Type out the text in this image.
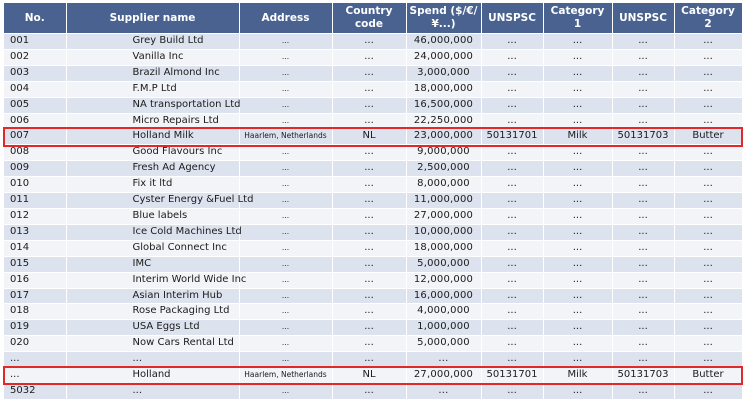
No.	Supplier name	Address	Country code	Spend ($/€/¥...)	UNSPSC	Category 1	UNSPSC	Category 2
001	Grey Build Ltd	...	...	46,000,000	...	...	...	...
002	Vanilla Inc	...	...	24,000,000	...	...	...	...
003	Brazil Almond Inc	...	...	3,000,000	...	...	...	...
004	F.M.P Ltd	...	...	18,000,000	...	...	...	...
005	NA transportation Ltd	...	...	16,500,000	...	...	...	...
006	Micro Repairs Ltd	...	...	22,250,000	...	...	...	...
007	Holland Milk	Haarlem, Netherlands	NL	23,000,000	50131701	Milk	50131703	Butter
008	Good Flavours Inc	...	...	9,000,000	...	...	...	...
009	Fresh Ad Agency	...	...	2,500,000	...	...	...	...
010	Fix it ltd	...	...	8,000,000	...	...	...	...
011	Cyster Energy &Fuel Ltd	...	...	11,000,000	...	...	...	...
012	Blue labels	...	...	27,000,000	...	...	...	...
013	Ice Cold Machines Ltd	...	...	10,000,000	...	...	...	...
014	Global Connect Inc	...	...	18,000,000	...	...	...	...
015	IMC	...	...	5,000,000	...	...	...	...
016	Interim World Wide Inc	...	...	12,000,000	...	...	...	...
017	Asian Interim Hub	...	...	16,000,000	...	...	...	...
018	Rose Packaging Ltd	...	...	4,000,000	...	...	...	...
019	USA Eggs Ltd	...	...	1,000,000	...	...	...	...
020	Now Cars Rental Ltd	...	...	5,000,000	...	...	...	...
...	...	...	...	...	...	...	...	...
...	Holland	Haarlem, Netherlands	NL	27,000,000	50131701	Milk	50131703	Butter
5032	...	...	...	...	...	...	...	...
